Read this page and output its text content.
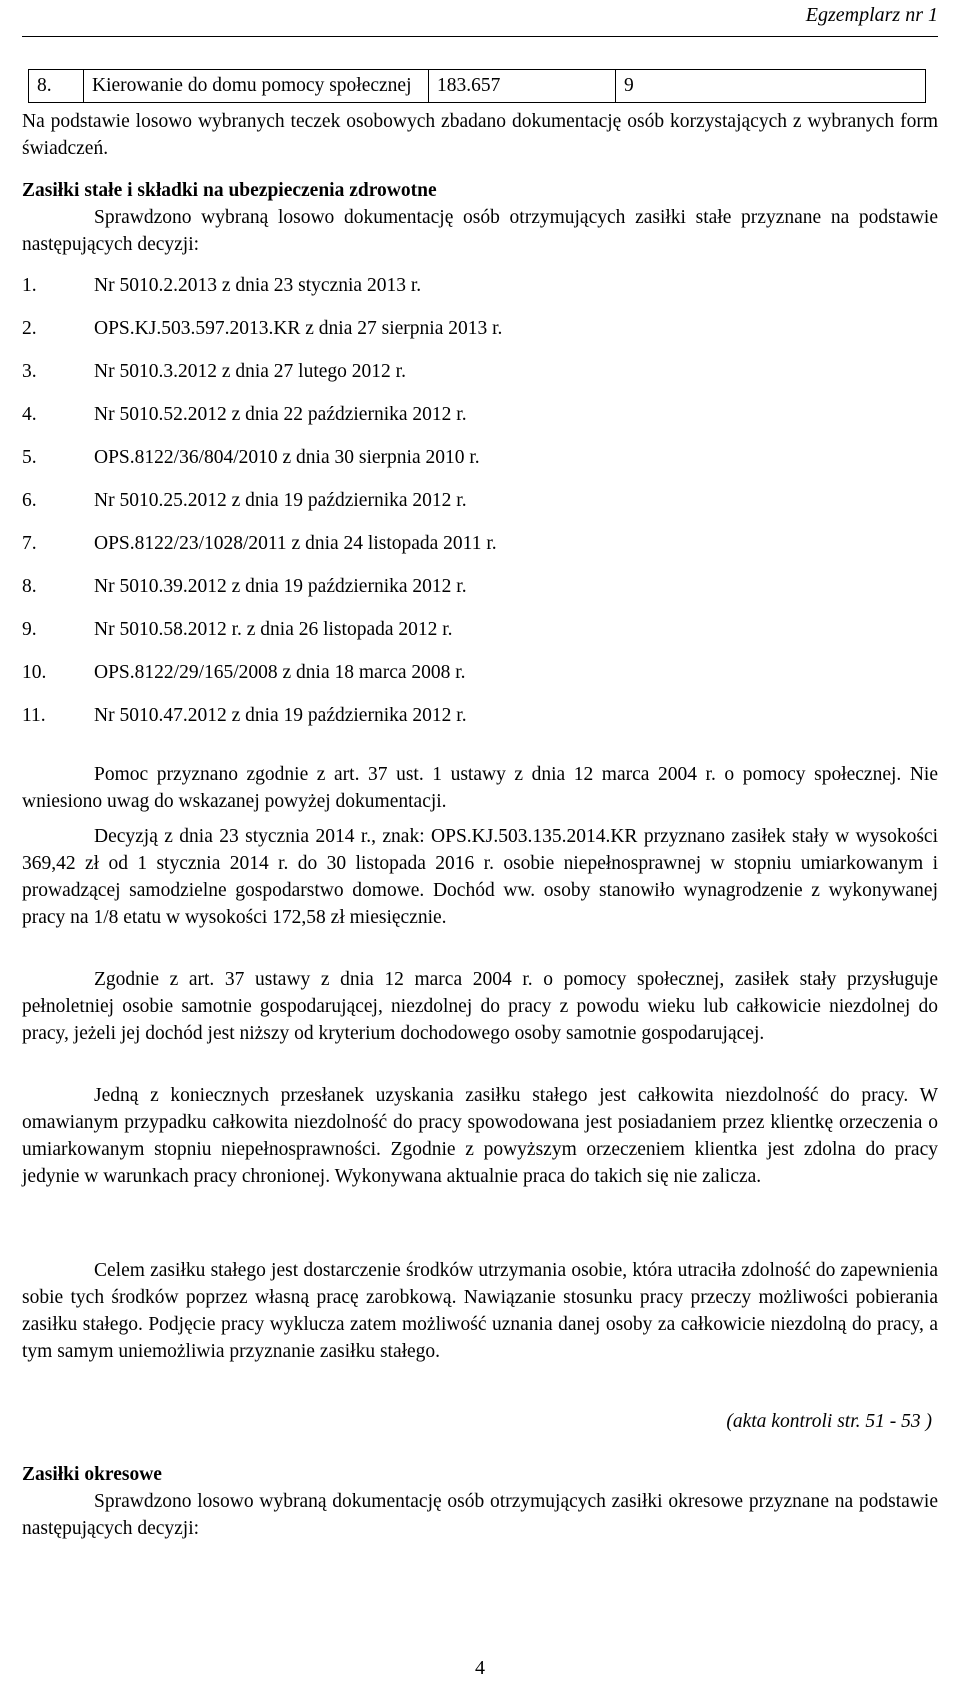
Egzemplarz nr 1
8.	Kierowanie do domu pomocy społecznej	183.657	9
Na podstawie losowo wybranych teczek osobowych zbadano dokumentację osób korzystających z wybranych form świadczeń.
Zasiłki stałe i składki na ubezpieczenia zdrowotne
Sprawdzono wybraną losowo dokumentację osób otrzymujących zasiłki stałe przyznane na podstawie następujących decyzji:
1.	Nr 5010.2.2013 z dnia 23 stycznia 2013 r.
2.	OPS.KJ.503.597.2013.KR z dnia 27 sierpnia 2013 r.
3.	Nr 5010.3.2012 z dnia 27 lutego 2012 r.
4.	Nr 5010.52.2012 z dnia 22 października 2012 r.
5.	OPS.8122/36/804/2010 z dnia 30 sierpnia 2010 r.
6.	Nr 5010.25.2012 z dnia 19 października 2012 r.
7.	OPS.8122/23/1028/2011 z dnia 24 listopada 2011 r.
8.	Nr 5010.39.2012 z dnia 19 października 2012 r.
9.	Nr 5010.58.2012 r. z dnia 26 listopada 2012 r.
10. OPS.8122/29/165/2008 z dnia 18 marca 2008 r.
11. Nr 5010.47.2012 z dnia 19 października 2012 r.
Pomoc przyznano zgodnie z art. 37 ust. 1 ustawy z dnia 12 marca 2004 r. o pomocy społecznej. Nie wniesiono uwag do wskazanej powyżej dokumentacji.
Decyzją z dnia 23 stycznia 2014 r., znak: OPS.KJ.503.135.2014.KR przyznano zasiłek stały w wysokości 369,42 zł od 1 stycznia 2014 r. do 30 listopada 2016 r. osobie niepełnosprawnej w stopniu umiarkowanym i prowadzącej samodzielne gospodarstwo domowe. Dochód ww. osoby stanowiło wynagrodzenie z wykonywanej pracy na 1/8 etatu w wysokości 172,58 zł miesięcznie.
Zgodnie z art. 37 ustawy z dnia 12 marca 2004 r. o pomocy społecznej, zasiłek stały przysługuje pełnoletniej osobie samotnie gospodarującej, niezdolnej do pracy z powodu wieku lub całkowicie niezdolnej do pracy, jeżeli jej dochód jest niższy od kryterium dochodowego osoby samotnie gospodarującej.
Jedną z koniecznych przesłanek uzyskania zasiłku stałego jest całkowita niezdolność do pracy. W omawianym przypadku całkowita niezdolność do pracy spowodowana jest posiadaniem przez klientkę orzeczenia o umiarkowanym stopniu niepełnosprawności. Zgodnie z powyższym orzeczeniem klientka jest zdolna do pracy jedynie w warunkach pracy chronionej. Wykonywana aktualnie praca do takich się nie zalicza.
Celem zasiłku stałego jest dostarczenie środków utrzymania osobie, która utraciła zdolność do zapewnienia sobie tych środków poprzez własną pracę zarobkową. Nawiązanie stosunku pracy przeczy możliwości pobierania zasiłku stałego. Podjęcie pracy wyklucza zatem możliwość uznania danej osoby za całkowicie niezdolną do pracy, a tym samym uniemożliwia przyznanie zasiłku stałego.
(akta kontroli str. 51 - 53 )
Zasiłki okresowe
Sprawdzono losowo wybraną dokumentację osób otrzymujących zasiłki okresowe przyznane na podstawie następujących decyzji:
4
